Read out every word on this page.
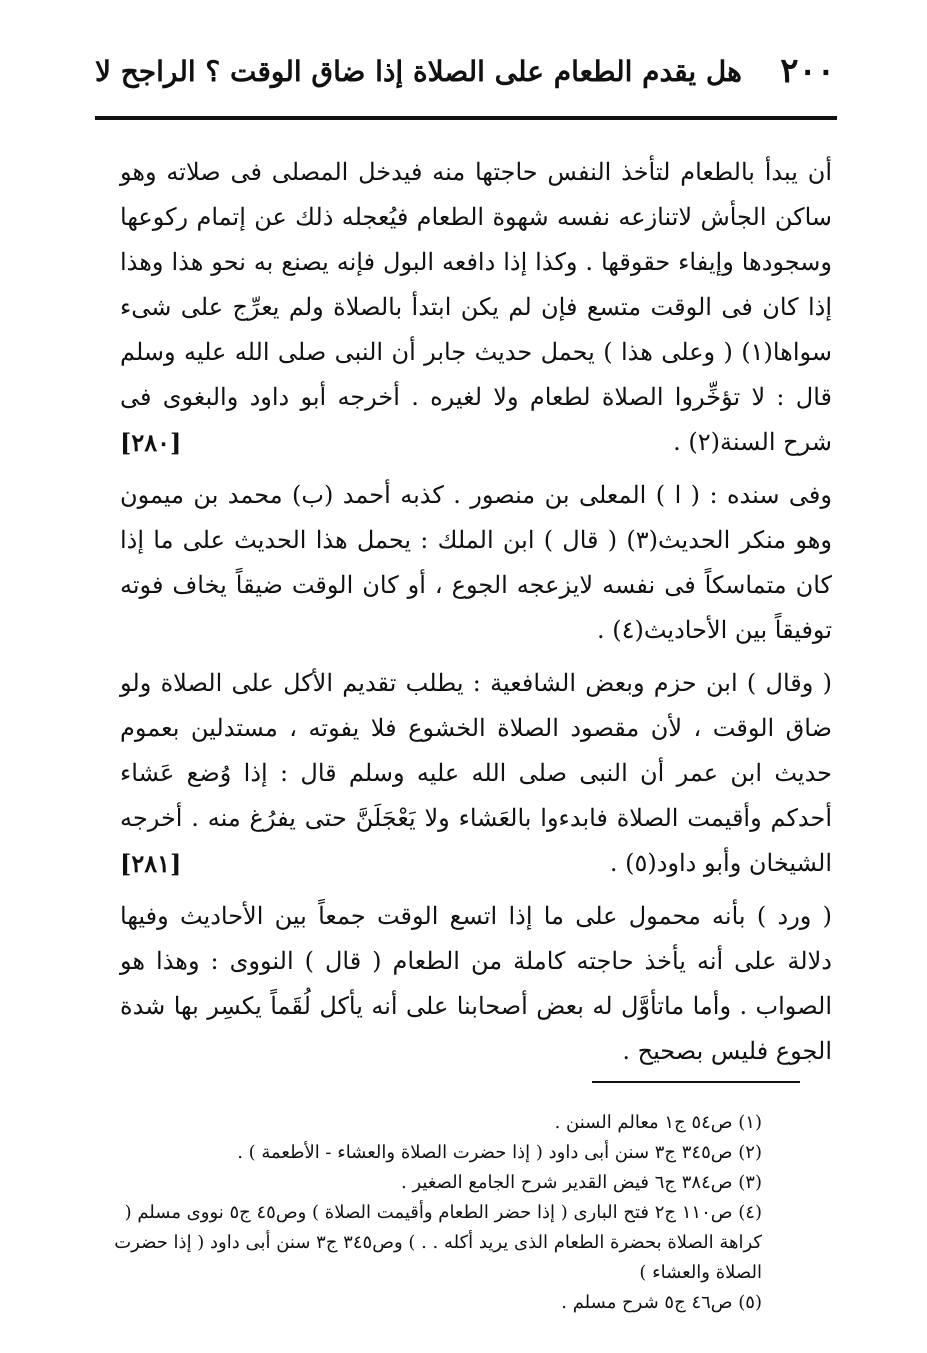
٢٠٠
هل يقدم الطعام على الصلاة إذا ضاق الوقت ؟ الراجح لا

أن يبدأ بالطعام لتأخذ النفس حاجتها منه فيدخل المصلى فى صلاته وهو ساكن الجأش لاتنازعه نفسه شهوة الطعام فيُعجله ذلك عن إتمام ركوعها وسجودها وإيفاء حقوقها . وكذا إذا دافعه البول فإنه يصنع به نحو هذا وهذا إذا كان فى الوقت متسع فإن لم يكن ابتدأ بالصلاة ولم يعرِّج على شىء سواها(١) ( وعلى هذا ) يحمل حديث جابر أن النبى صلى الله عليه وسلم قال : لا تؤخِّروا الصلاة لطعام ولا لغيره . أخرجه أبو داود والبغوى فى شرح السنة(٢) .
[٢٨٠]

وفى سنده : ( ا ) المعلى بن منصور . كذبه أحمد (ب) محمد بن ميمون وهو منكر الحديث(٣) ( قال ) ابن الملك : يحمل هذا الحديث على ما إذا كان متماسكاً فى نفسه لايزعجه الجوع ، أو كان الوقت ضيقاً يخاف فوته توفيقاً بين الأحاديث(٤) .

( وقال ) ابن حزم وبعض الشافعية : يطلب تقديم الأكل على الصلاة ولو ضاق الوقت ، لأن مقصود الصلاة الخشوع فلا يفوته ، مستدلين بعموم حديث ابن عمر أن النبى صلى الله عليه وسلم قال : إذا وُضع عَشاء أحدكم وأقيمت الصلاة فابدءوا بالعَشاء ولا يَعْجَلَنَّ حتى يفرُغ منه . أخرجه الشيخان وأبو داود(٥) .
[٢٨١]

( ورد ) بأنه محمول على ما إذا اتسع الوقت جمعاً بين الأحاديث وفيها دلالة على أنه يأخذ حاجته كاملة من الطعام ( قال ) النووى : وهذا هو الصواب . وأما ماتأوَّل له بعض أصحابنا على أنه يأكل لُقَماً يكسِر بها شدة الجوع فليس بصحيح .

(١) ص٥٤ ج١ معالم السنن .

(٢) ص٣٤٥ ج٣ سنن أبى داود ( إذا حضرت الصلاة والعشاء - الأطعمة ) .

(٣) ص٣٨٤ ج٦ فيض القدير شرح الجامع الصغير .

(٤) ص١١٠ ج٢ فتح البارى ( إذا حضر الطعام وأقيمت الصلاة ) وص٤٥ ج٥ نووى مسلم ( كراهة الصلاة بحضرة الطعام الذى يريد أكله . . ) وص٣٤٥ ج٣ سنن أبى داود ( إذا حضرت الصلاة والعشاء )

(٥) ص٤٦ ج٥ شرح مسلم .
